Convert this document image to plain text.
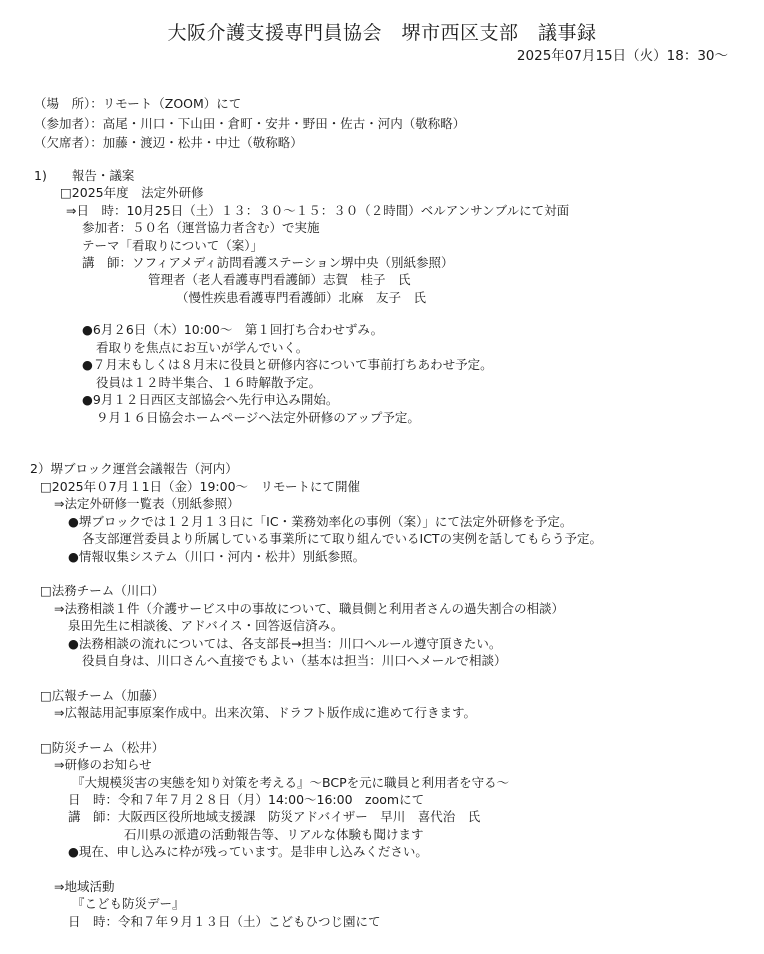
大阪介護支援専門員協会　堺市西区支部　議事録
2025年07月15日（火）18：30～
（場　所）：リモート（ZOOM）にて
（参加者）：高尾・川口・下山田・倉町・安井・野田・佐古・河内（敬称略）
（欠席者）：加藤・渡辺・松井・中辻（敬称略）
1)　　報告・議案
□2025年度　法定外研修
⇒日　時：10月25日（土）１３：３０～１５：３０（２時間）ベルアンサンブルにて対面
参加者：５０名（運営協力者含む）で実施
テーマ「看取りについて（案）」
講　師：ソフィアメディ訪問看護ステーション堺中央（別紙参照）
管理者（老人看護専門看護師）志賀　桂子　氏
（慢性疾患看護専門看護師）北麻　友子　氏
●6月２6日（木）10:00～　第１回打ち合わせずみ。
看取りを焦点にお互いが学んでいく。
●７月末もしくは８月末に役員と研修内容について事前打ちあわせ予定。
役員は１２時半集合、１６時解散予定。
●9月１２日西区支部協会へ先行申込み開始。
９月１６日協会ホームページへ法定外研修のアップ予定。
2）堺ブロック運営会議報告（河内）
□2025年０7月１1日（金）19:00～　リモートにて開催
⇒法定外研修一覧表（別紙参照）
●堺ブロックでは１２月１３日に「IC・業務効率化の事例（案）」にて法定外研修を予定。
各支部運営委員より所属している事業所にて取り組んでいるICTの実例を話してもらう予定。
●情報収集システム（川口・河内・松井）別紙参照。
□法務チーム（川口）
⇒法務相談１件（介護サービス中の事故について、職員側と利用者さんの過失割合の相談）
泉田先生に相談後、アドバイス・回答返信済み。
●法務相談の流れについては、各支部長→担当：川口へルール遵守頂きたい。
役員自身は、川口さんへ直接でもよい（基本は担当：川口へメールで相談）
□広報チーム（加藤）
⇒広報誌用記事原案作成中。出来次第、ドラフト版作成に進めて行きます。
□防災チーム（松井）
⇒研修のお知らせ
『大規模災害の実態を知り対策を考える』～BCPを元に職員と利用者を守る～
日　時：令和７年７月２８日（月）14:00～16:00　zoomにて
講　師：大阪西区役所地域支援課　防災アドバイザー　早川　喜代治　氏
石川県の派遣の活動報告等、リアルな体験も聞けます
●現在、申し込みに枠が残っています。是非申し込みください。
⇒地域活動
『こども防災デー』
日　時：令和７年９月１３日（土）こどもひつじ園にて
